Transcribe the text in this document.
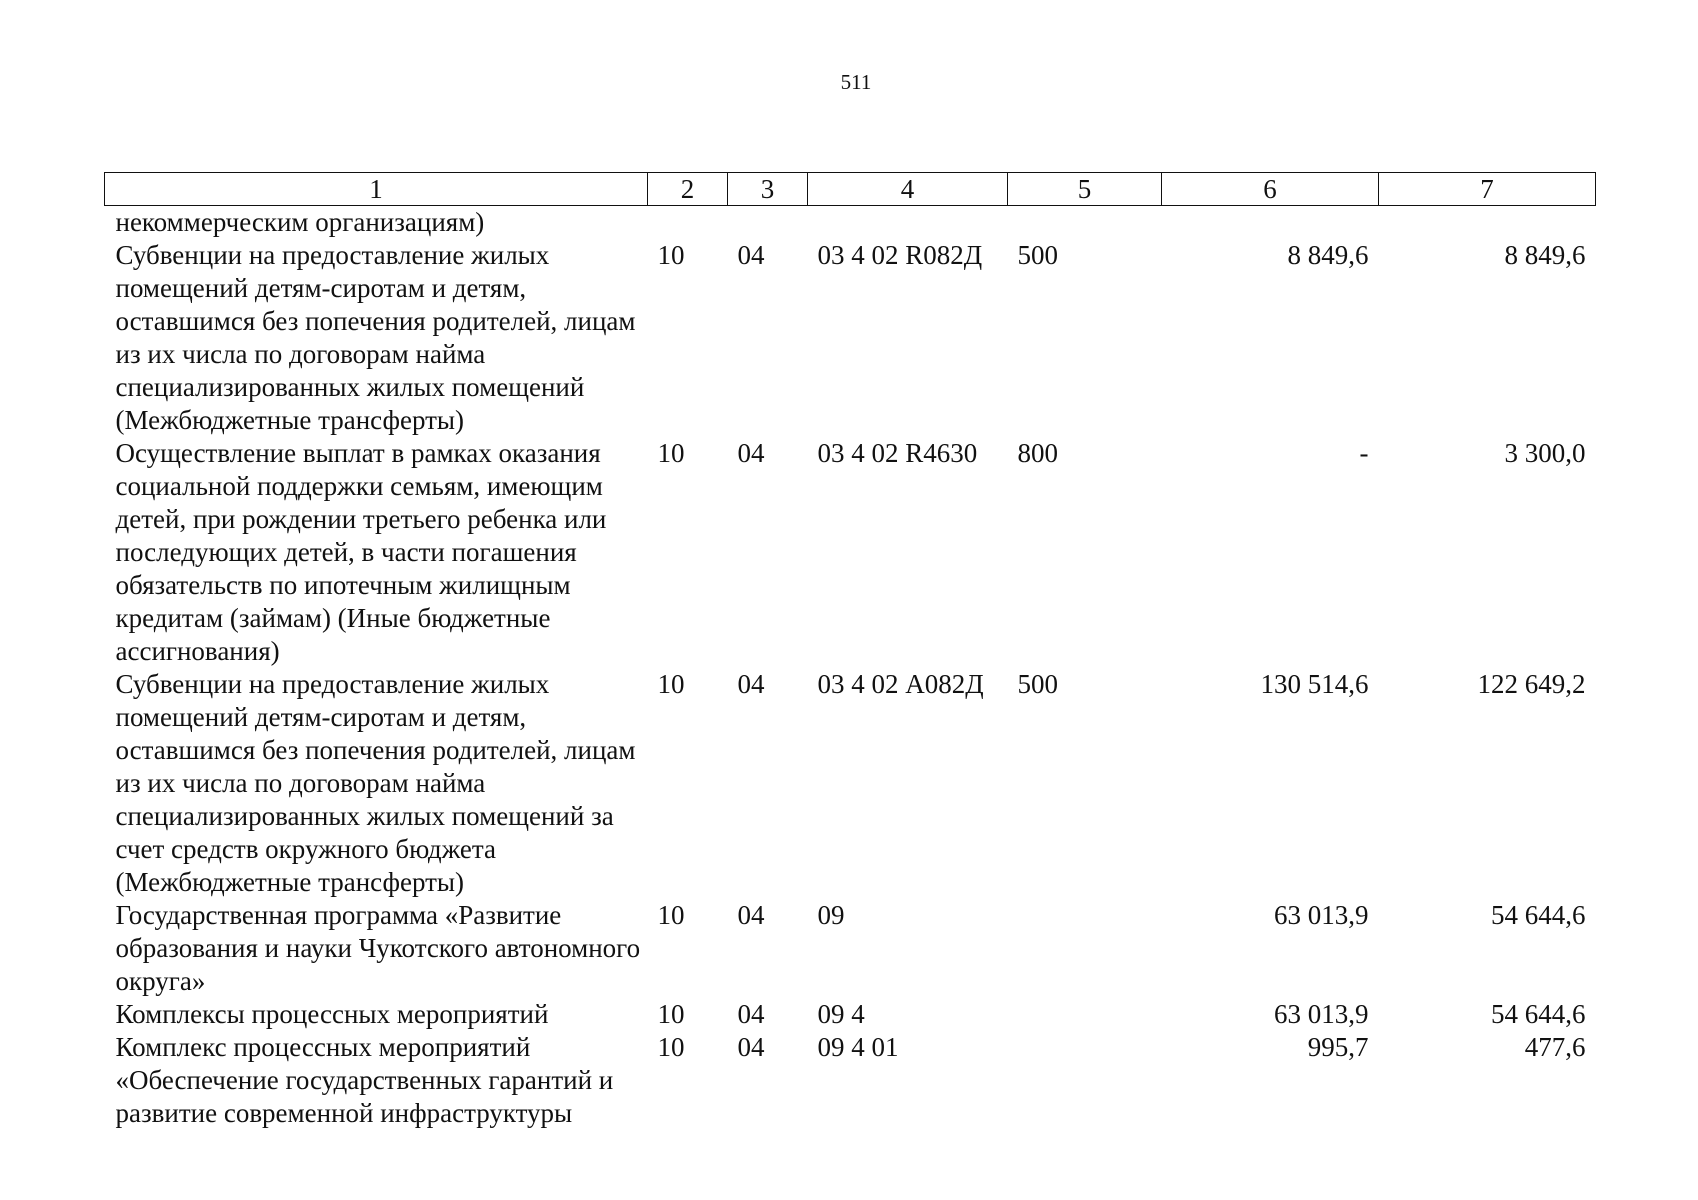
511
1	2	3	4	5	6	7
некоммерческим организациям)						
Субвенции на предоставление жилых помещений детям-сиротам и детям, оставшимся без попечения родителей, лицам из их числа по договорам найма специализированных жилых помещений (Межбюджетные трансферты)	10	04	03 4 02 R082Д	500	8 849,6	8 849,6
Осуществление выплат в рамках оказания социальной поддержки семьям, имеющим детей, при рождении третьего ребенка или последующих детей, в части погашения обязательств по ипотечным жилищным кредитам (займам) (Иные бюджетные ассигнования)	10	04	03 4 02 R4630	800	-	3 300,0
Субвенции на предоставление жилых помещений детям-сиротам и детям, оставшимся без попечения родителей, лицам из их числа по договорам найма специализированных жилых помещений за счет средств окружного бюджета (Межбюджетные трансферты)	10	04	03 4 02 А082Д	500	130 514,6	122 649,2
Государственная программа «Развитие образования и науки Чукотского автономного округа»	10	04	09		63 013,9	54 644,6
Комплексы процессных мероприятий	10	04	09 4		63 013,9	54 644,6
Комплекс процессных мероприятий «Обеспечение государственных гарантий и развитие современной инфраструктуры	10	04	09 4 01		995,7	477,6
